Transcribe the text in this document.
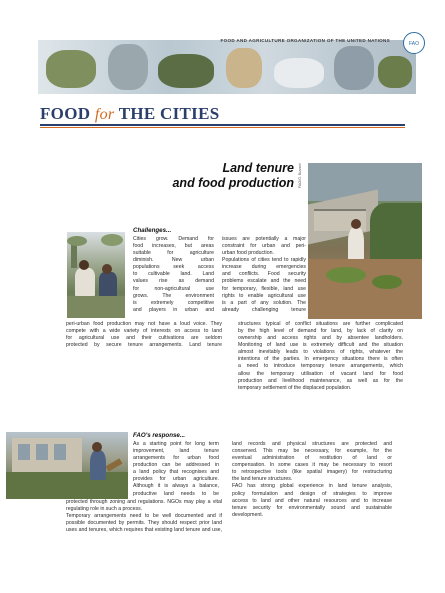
FOOD AND AGRICULTURE ORGANIZATION OF THE UNITED NATIONS
FAO
FOOD for THE CITIES
Land tenure
and food production FAO/G. Bizzarri
Challenges...
Cities grow. Demand for
food increases, but areas
suitable for agriculture
diminish. New urban
populations seek access
to cultivable land. Land
values rise as demand
for non-agricultural use
grows. The environment
is extremely competitive
and players in urban and
issues are potentially a major
constraint for urban and peri-
urban food production.
Populations of cities tend to rapidly
increase during emergencies
and conflicts. Food security
problems escalate and the need
for temporary, flexible, land use
rights to enable agricultural use
is a part of any solution. The
already challenging tenure
peri-urban food production may not have a loud voice. They
compete with a wide variety of interests on access to land
for agricultural use and their cultivations are seldom
protected by secure tenure arrangements. Land tenure
structures typical of conflict situations are further complicated
by the high level of demand for land, by lack of clarity on
ownership and access rights and by absentee landholders.
Monitoring of land use is extremely difficult and the situation
almost inevitably leads to violations of rights, whatever the
intentions of the parties. In emergency situations there is often
a need to introduce temporary tenure arrangements, which
allow the temporary utilisation of vacant land for food
production and livelihood maintenance, as well as for the
temporary settlement of the displaced population.
FAO's response...
As a starting point for long term
improvement, land tenure
arrangements for urban food
production can be addressed in
a land policy that recognises and
provides for urban agriculture.
Although it is always a balance,
productive land needs to be
protected through zoning and regulations. NGOs may play a vital
regulating role in such a process.
Temporary arrangements need to be well documented and if
possible documented by permits. They should respect prior land
uses and tenures, which requires that existing land tenure and use,
land records and physical structures are protected and
conserved. This may be necessary, for example, for the
eventual administration of restitution of land or
compensation. In some cases it may be necessary to resort
to retrospective tools (like spatial imagery) for restructuring
the land tenure structures.
FAO has strong global experience in land tenure analysis,
policy formulation and design of strategies to improve
access to land and other natural resources and to increase
tenure security for environmentally sound and sustainable
development.
